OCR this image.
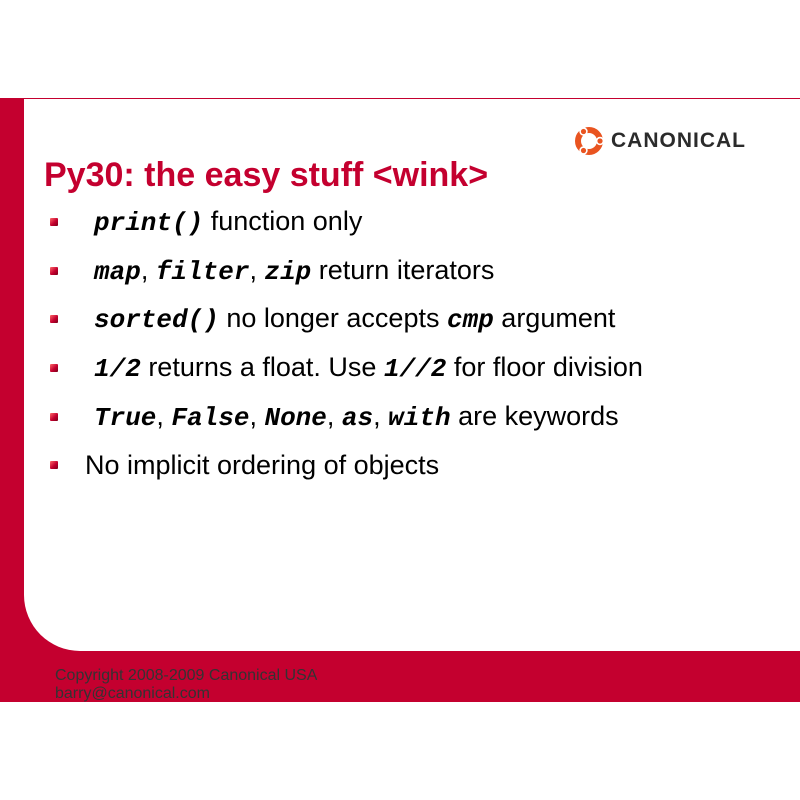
CANONICAL
Py30: the easy stuff <wink>
print() function only
map, filter, zip return iterators
sorted() no longer accepts cmp argument
1/2 returns a float. Use 1//2 for floor division
True, False, None, as, with are keywords
No implicit ordering of objects
Copyright 2008-2009 Canonical USA
barry@canonical.com
